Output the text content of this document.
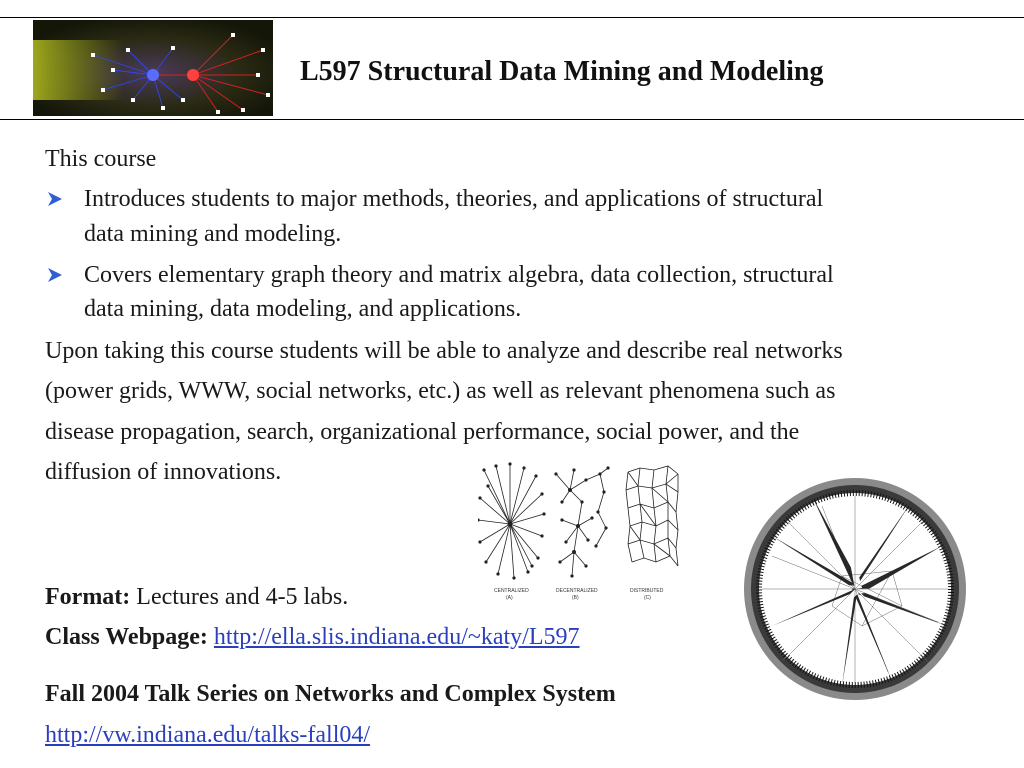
L597 Structural Data Mining and Modeling
This course
Introduces students to major methods, theories, and applications of structural
data mining and modeling.
Covers elementary graph theory and matrix algebra, data collection, structural
data mining, data modeling, and applications.
Upon taking this course students will be able to analyze and describe real networks
(power grids, WWW, social networks, etc.) as well as relevant phenomena such as
disease propagation, search, organizational performance, social power, and the
diffusion of innovations.
CENTRALIZED
(A)
DECENTRALIZED
(B)
DISTRIBUTED
(C)
Format: Lectures and 4-5 labs.
Class Webpage: http://ella.slis.indiana.edu/~katy/L597
Fall 2004 Talk Series on Networks and Complex System
http://vw.indiana.edu/talks-fall04/
